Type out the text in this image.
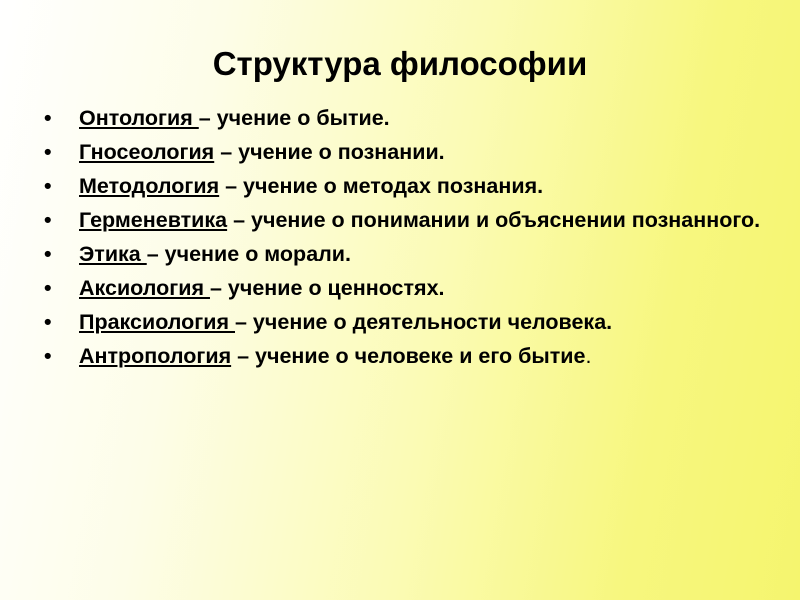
Структура философии
• Онтология – учение о бытие.
• Гносеология – учение о познании.
• Методология – учение о методах познания.
• Герменевтика – учение о понимании и объяснении познанного.
• Этика – учение о морали.
• Аксиология – учение о ценностях.
• Праксиология – учение о деятельности человека.
• Антропология – учение о человеке и его бытие.
